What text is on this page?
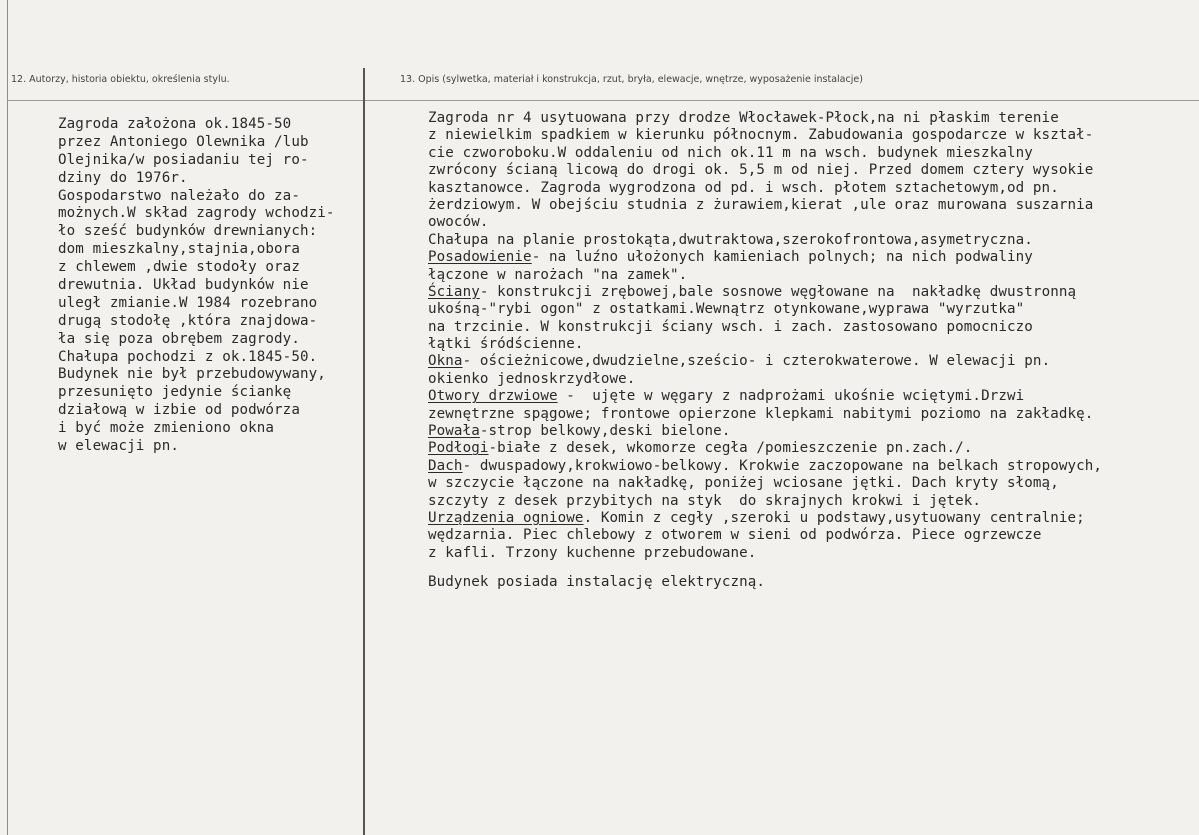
12. Autorzy, historia obiektu, określenia stylu.	13. Opis (sylwetka, materiał i konstrukcja, rzut, bryła, elewacje, wnętrze, wyposażenie instalacje)
Zagroda założona ok.1845-50
przez Antoniego Olewnika /lub
Olejnika/w posiadaniu tej ro-
dziny do 1976r.
Gospodarstwo należało do za-
możnych.W skład zagrody wchodzi-
ło sześć budynków drewnianych:
dom mieszkalny,stajnia,obora
z chlewem ,dwie stodoły oraz
drewutnia. Układ budynków nie
uległ zmianie.W 1984 rozebrano
drugą stodołę ,która znajdowa-
ła się poza obrębem zagrody.
Chałupa pochodzi z ok.1845-50.
Budynek nie był przebudowywany,
przesunięto jedynie ściankę
działową w izbie od podwórza
i być może zmieniono okna
w elewacji pn.
Zagroda nr 4 usytuowana przy drodze Włocławek-Płock,na ni płaskim terenie
z niewielkim spadkiem w kierunku północnym. Zabudowania gospodarcze w kształ-
cie czworoboku.W oddaleniu od nich ok.11 m na wsch. budynek mieszkalny
zwrócony ścianą licową do drogi ok. 5,5 m od niej. Przed domem cztery wysokie
kasztanowce. Zagroda wygrodzona od pd. i wsch. płotem sztachetowym,od pn.
żerdziowym. W obejściu studnia z żurawiem,kierat ,ule oraz murowana suszarnia
owoców.
Chałupa na planie prostokąta,dwutraktowa,szerokofrontowa,asymetryczna.
Posadowienie- na luźno ułożonych kamieniach polnych; na nich podwaliny
łączone w narożach "na zamek".
Ściany- konstrukcji zrębowej,bale sosnowe węgłowane na  nakładkę dwustronną
ukośną-"rybi ogon" z ostatkami.Wewnątrz otynkowane,wyprawa "wyrzutka"
na trzcinie. W konstrukcji ściany wsch. i zach. zastosowano pomocniczo
łątki śródścienne.
Okna- ościeżnicowe,dwudzielne,sześcio- i czterokwaterowe. W elewacji pn.
okienko jednoskrzydłowe.
Otwory drzwiowe -  ujęte w węgary z nadprożami ukośnie wciętymi.Drzwi
zewnętrzne spągowe; frontowe opierzone klepkami nabitymi poziomo na zakładkę.
Powała-strop belkowy,deski bielone.
Podłogi-białe z desek, wkomorze cegła /pomieszczenie pn.zach./.
Dach- dwuspadowy,krokwiowo-belkowy. Krokwie zaczopowane na belkach stropowych,
w szczycie łączone na nakładkę, poniżej wciosane jętki. Dach kryty słomą,
szczyty z desek przybitych na styk  do skrajnych krokwi i jętek.
Urządzenia ogniowe. Komin z cegły ,szeroki u podstawy,usytuowany centralnie;
wędzarnia. Piec chlebowy z otworem w sieni od podwórza. Piece ogrzewcze
z kafli. Trzony kuchenne przebudowane.
Budynek posiada instalację elektryczną.
